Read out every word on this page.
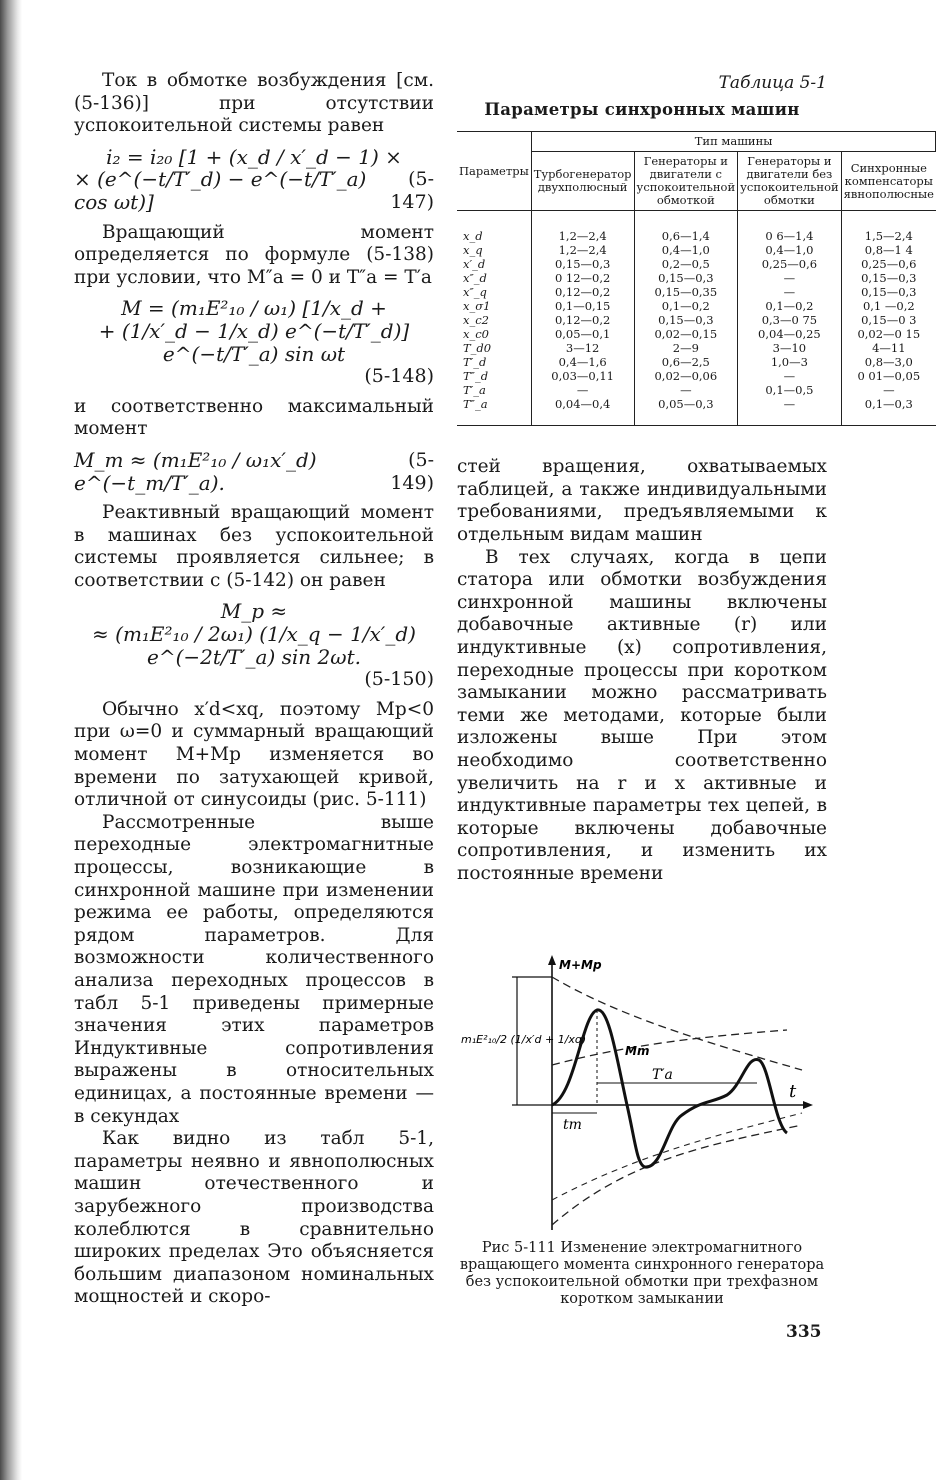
Ток в обмотке возбуждения [см. (5-136)] при отсутствии успокоительной системы равен

i₂ = i₂₀ [1 + (x_d / x′_d − 1) ×
× (e^(−t/T′_d) − e^(−t/T′_a) cos ωt)]
(5-147)

Вращающий момент определяется по формуле (5-138) при условии, что M″a = 0 и T″a = T′a

M = (m₁E²₁₀ / ω₁) [1/x_d +
+ (1/x′_d − 1/x_d) e^(−t/T′_d)] e^(−t/T′_a) sin ωt
(5-148)

и соответственно максимальный момент

M_m ≈ (m₁E²₁₀ / ω₁x′_d) e^(−t_m/T′_a).
(5-149)

Реактивный вращающий момент в машинах без успокоительной системы проявляется сильнее; в соответствии с (5-142) он равен

M_p ≈
≈ (m₁E²₁₀ / 2ω₁) (1/x_q − 1/x′_d) e^(−2t/T′_a) sin 2ωt.
(5-150)

Обычно x′d<xq, поэтому Mp<0 при ω=0 и суммарный вращающий момент M+Mp изменяется во времени по затухающей кривой, отличной от синусоиды (рис. 5-111)

Рассмотренные выше переходные электромагнитные процессы, возникающие в синхронной машине при изменении режима ее работы, определяются рядом параметров. Для возможности количественного анализа переходных процессов в табл 5-1 приведены примерные значения этих параметров Индуктивные сопротивления выражены в относительных единицах, а постоянные времени — в секундах

Как видно из табл 5-1, параметры неявно и явнополюсных машин отечественного и зарубежного производства колеблются в сравнительно широких пределах Это объясняется большим диапазоном номинальных мощностей и скоро-

Таблица 5-1
Параметры синхронных машин
Параметры	Тип машины			
	Турбогенератор двухполюсный	Генераторы и двигатели с успокоительной обмоткой	Генераторы и двигатели без успокоительной обмотки	Синхронные компенсаторы явнополюсные
x_d	1,2—2,4	0,6—1,4	0 6—1,4	1,5—2,4
x_q	1,2—2,4	0,4—1,0	0,4—1,0	0,8—1 4
x′_d	0,15—0,3	0,2—0,5	0,25—0,6	0,25—0,6
x″_d	0 12—0,2	0,15—0,3	—	0,15—0,3
x″_q	0,12—0,2	0,15—0,35	—	0,15—0,3
x_σ1	0,1—0,15	0,1—0,2	0,1—0,2	0,1 —0,2
x_c2	0,12—0,2	0,15—0,3	0,3—0 75	0,15—0 3
x_c0	0,05—0,1	0,02—0,15	0,04—0,25	0,02—0 15
T_d0	3—12	2—9	3—10	4—11
T′_d	0,4—1,6	0,6—2,5	1,0—3	0,8—3,0
T″_d	0,03—0,11	0,02—0,06	—	0 01—0,05
T′_a	—	—	0,1—0,5	—
T″_a	0,04—0,4	0,05—0,3	—	0,1—0,3

стей вращения, охватываемых таблицей, а также индивидуальными требованиями, предъявляемыми к отдельным видам машин

В тех случаях, когда в цепи статора или обмотки возбуждения синхронной машины включены добавочные активные (r) или индуктивные (x) сопротивления, переходные процессы при коротком замыкании можно рассматривать теми же методами, которые были изложены выше При этом необходимо соответственно увеличить на r и x активные и индуктивные параметры тех цепей, в которые включены добавочные сопротивления, и изменить их постоянные времени

M+Mp
t
m₁E²₁₀/2 (1/x′d + 1/xq)
Mm
T′a
tm
Рис 5-111 Изменение электромагнитного вращающего момента синхронного генератора без успокоительной обмотки при трехфазном коротком замыкании
335
